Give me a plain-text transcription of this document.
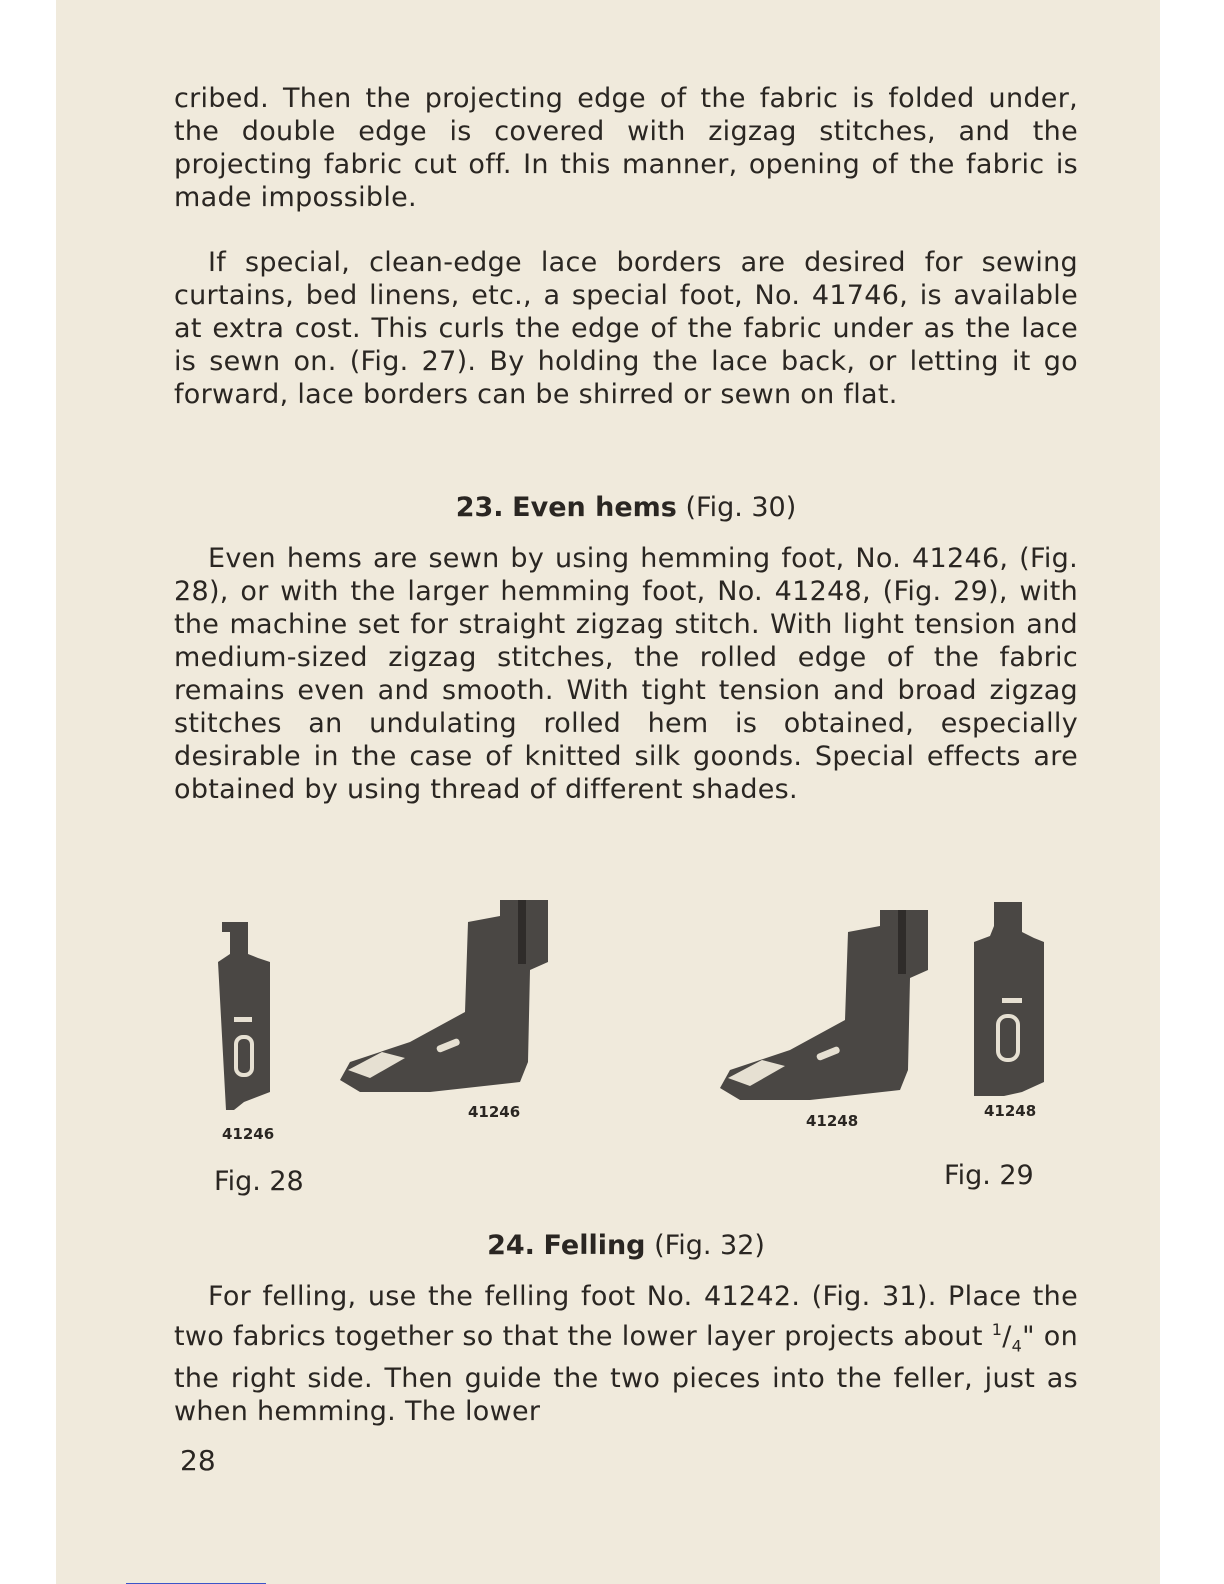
cribed. Then the projecting edge of the fabric is folded under, the double edge is covered with zigzag stitches, and the projecting fabric cut off. In this manner, opening of the fabric is made impossible.

If special, clean-edge lace borders are desired for sewing curtains, bed linens, etc., a special foot, No. 41746, is available at extra cost. This curls the edge of the fabric under as the lace is sewn on. (Fig. 27). By holding the lace back, or letting it go forward, lace borders can be shirred or sewn on flat.

23. Even hems (Fig. 30)

Even hems are sewn by using hemming foot, No. 41246, (Fig. 28), or with the larger hemming foot, No. 41248, (Fig. 29), with the machine set for straight zigzag stitch. With light tension and medium-sized zigzag stitches, the rolled edge of the fabric remains even and smooth. With tight tension and broad zigzag stitches an undulating rolled hem is obtained, especially desirable in the case of knitted silk goonds. Special effects are obtained by using thread of different shades.

41246
41246	41248
41248
Fig. 28	Fig. 29
24. Felling (Fig. 32)

For felling, use the felling foot No. 41242. (Fig. 31). Place the two fabrics together so that the lower layer projects about $^1/_4$" on the right side. Then guide the two pieces into the feller, just as when hemming. The lower

28
